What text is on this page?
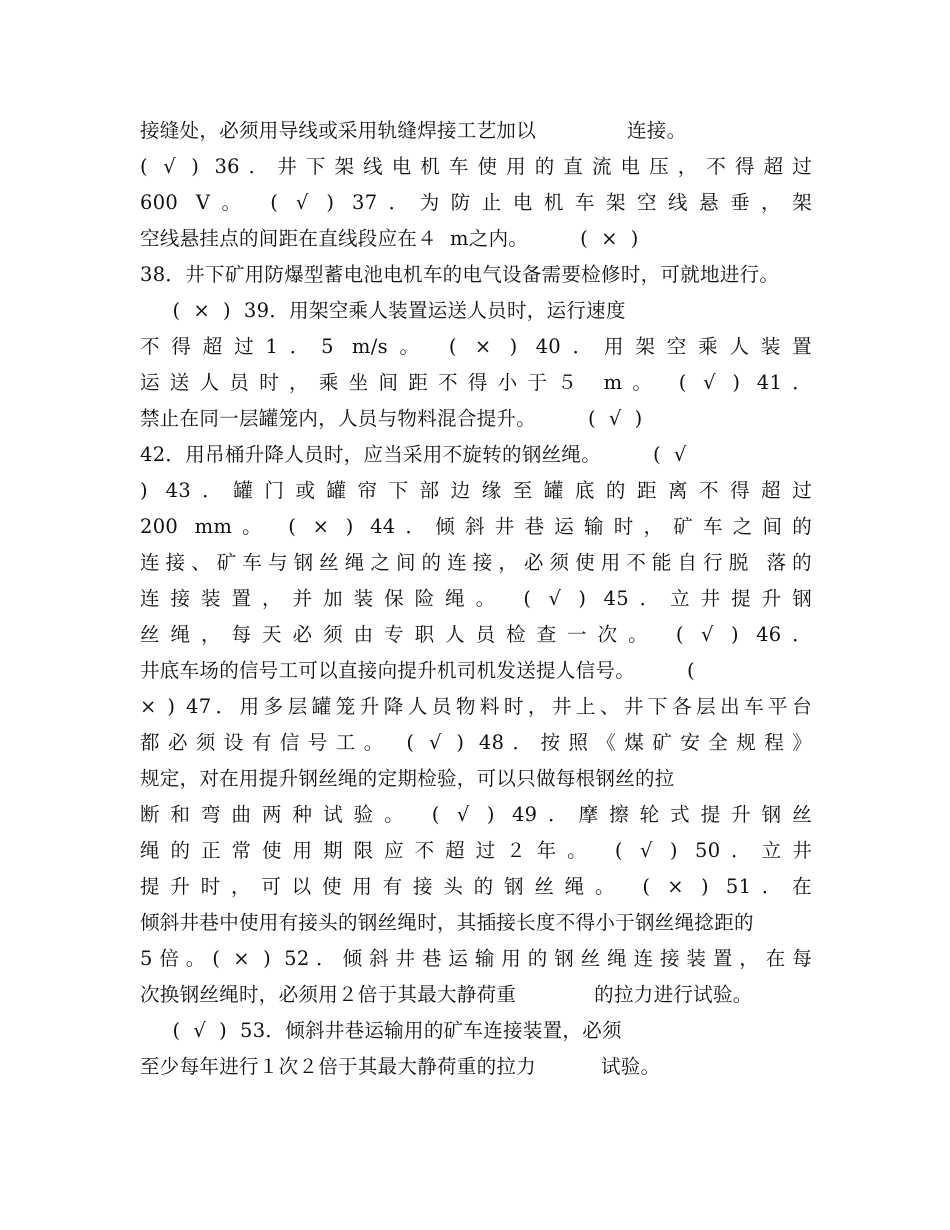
接缝处，必须用导线或采用轨缝焊接工艺加以              连接。
( √ ) 36．井下架线电机车使用的直流电压，不得超过
600 V。 ( √ ) 37．为防止电机车架空线悬垂，架
空线悬挂点的间距在直线段应在４  m之内。        (  ×  )
38．井下矿用防爆型蓄电池电机车的电气设备需要检修时，可就地进行。
(  ×  )  39．用架空乘人装置运送人员时，运行速度
不得超过1．5 m/s。 ( × ) 40．用架空乘人装置
运送人员时，乘坐间距不得小于５ m。 ( √ ) 41．
禁止在同一层罐笼内，人员与物料混合提升。        (  √  )
42．用吊桶升降人员时，应当采用不旋转的钢丝绳。        (  √
) 43．罐门或罐帘下部边缘至罐底的距离不得超过
200 mm。 ( × ) 44．倾斜井巷运输时，矿车之间的
连接、矿车与钢丝绳之间的连接，必须使用不能自行脱 落的
连接装置，并加装保险绳。 ( √ ) 45．立井提升钢
丝绳，每天必须由专职人员检查一次。 ( √ ) 46．
井底车场的信号工可以直接向提升机司机发送提人信号。        (
× ) 47．用多层罐笼升降人员物料时，井上、井下各层出车平台
都必须设有信号工。 ( √ ) 48．按照《煤矿安全规程》
规定，对在用提升钢丝绳的定期检验，可以只做每根钢丝的拉
断和弯曲两种试验。 ( √ ) 49．摩擦轮式提升钢丝
绳的正常使用期限应不超过２年。 ( √ ) 50．立井
提升时，可以使用有接头的钢丝绳。 ( × ) 51．在
倾斜井巷中使用有接头的钢丝绳时，其插接长度不得小于钢丝绳捻距的
5倍。( × ) 52．倾斜井巷运输用的钢丝绳连接装置，在每
次换钢丝绳时，必须用２倍于其最大静荷重            的拉力进行试验。
(  √  )  53．倾斜井巷运输用的矿车连接装置，必须
至少每年进行１次２倍于其最大静荷重的拉力          试验。
